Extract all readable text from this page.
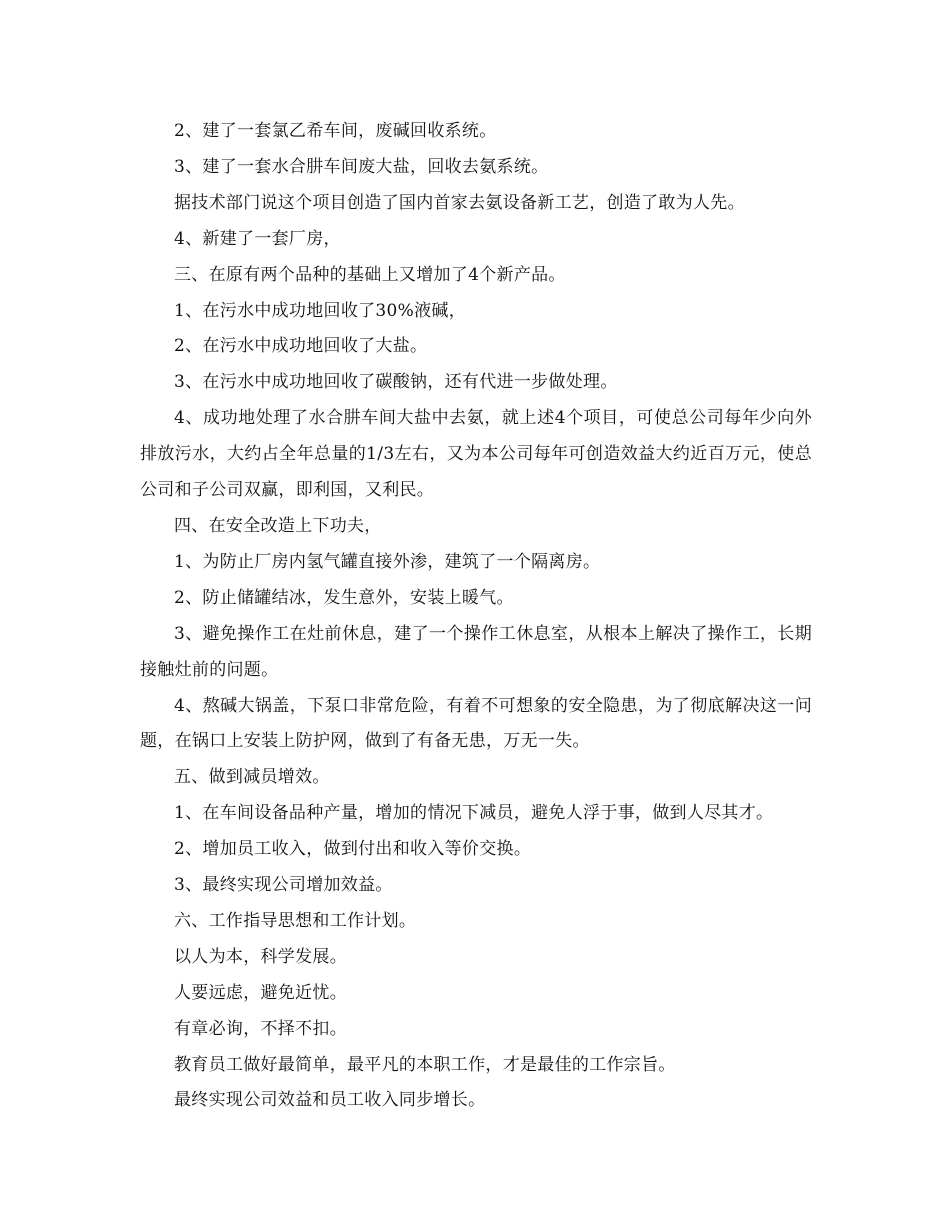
2、建了一套氯乙希车间，废碱回收系统。

3、建了一套水合肼车间废大盐，回收去氨系统。

据技术部门说这个项目创造了国内首家去氨设备新工艺，创造了敢为人先。

4、新建了一套厂房，

三、在原有两个品种的基础上又增加了4个新产品。

1、在污水中成功地回收了30%液碱，

2、在污水中成功地回收了大盐。

3、在污水中成功地回收了碳酸钠，还有代进一步做处理。

4、成功地处理了水合肼车间大盐中去氨，就上述4个项目，可使总公司每年少向外排放污水，大约占全年总量的1/3左右，又为本公司每年可创造效益大约近百万元，使总公司和子公司双赢，即利国，又利民。

四、在安全改造上下功夫，

1、为防止厂房内氢气罐直接外渗，建筑了一个隔离房。

2、防止储罐结冰，发生意外，安装上暖气。

3、避免操作工在灶前休息，建了一个操作工休息室，从根本上解决了操作工，长期接触灶前的问题。

4、熬碱大锅盖，下泵口非常危险，有着不可想象的安全隐患，为了彻底解决这一问题，在锅口上安装上防护网，做到了有备无患，万无一失。

五、做到减员增效。

1、在车间设备品种产量，增加的情况下减员，避免人浮于事，做到人尽其才。

2、增加员工收入，做到付出和收入等价交换。

3、最终实现公司增加效益。

六、工作指导思想和工作计划。

以人为本，科学发展。

人要远虑，避免近忧。

有章必询，不择不扣。

教育员工做好最简单，最平凡的本职工作，才是最佳的工作宗旨。

最终实现公司效益和员工收入同步增长。
